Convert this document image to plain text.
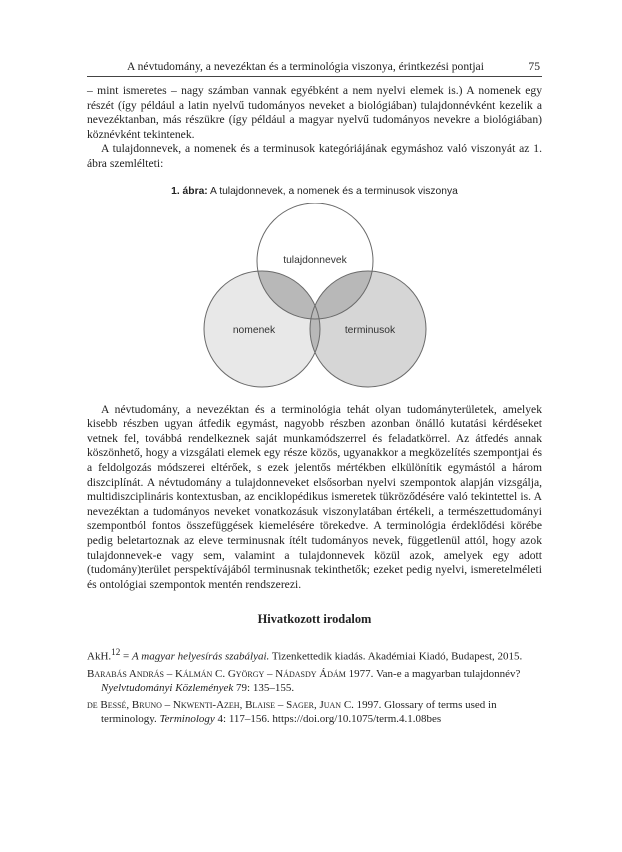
A névtudomány, a nevezéktan és a terminológia viszonya, érintkezési pontjai	75

– mint ismeretes – nagy számban vannak egyébként a nem nyelvi elemek is.) A nomenek egy részét (így például a latin nyelvű tudományos neveket a biológiában) tulajdonnévként kezelik a nevezéktanban, más részükre (így például a magyar nyelvű tudományos nevekre a biológiában) köznévként tekintenek.

A tulajdonnevek, a nomenek és a terminusok kategóriájának egymáshoz való viszonyát az 1. ábra szemlélteti:

1. ábra: A tulajdonnevek, a nomenek és a terminusok viszonya
tulajdonnevek
nomenek	terminusok

A névtudomány, a nevezéktan és a terminológia tehát olyan tudományterületek, amelyek kisebb részben ugyan átfedik egymást, nagyobb részben azonban önálló kutatási kérdéseket vetnek fel, továbbá rendelkeznek saját munkamódszerrel és feladatkörrel. Az átfedés annak köszönhető, hogy a vizsgálati elemek egy része közös, ugyanakkor a megközelítés szempontjai és a feldolgozás módszerei eltérőek, s ezek jelentős mértékben elkülönítik egymástól a három diszciplínát. A névtudomány a tulajdonneveket elsősorban nyelvi szempontok alapján vizsgálja, multidiszciplináris kontextusban, az enciklopédikus ismeretek tükröződésére való tekintettel is. A nevezéktan a tudományos neveket vonatkozásuk viszonylatában értékeli, a természettudományi szempontból fontos összefüggések kiemelésére törekedve. A terminológia érdeklődési körébe pedig beletartoznak az eleve terminusnak ítélt tudományos nevek, függetlenül attól, hogy azok tulajdonnevek-e vagy sem, valamint a tulajdonnevek közül azok, amelyek egy adott (tudomány)terület perspektívájából terminusnak tekinthetők; ezeket pedig nyelvi, ismeretelméleti és ontológiai szempontok mentén rendszerezi.

Hivatkozott irodalom

AkH.$^{12}$ = A magyar helyesírás szabályai. Tizenkettedik kiadás. Akadémiai Kiadó, Budapest, 2015.

Barabás András – Kálmán C. György – Nádasdy Ádám 1977. Van-e a magyarban tulajdonnév? Nyelvtudományi Közlemények 79: 135–155.

de Bessé, Bruno – Nkwenti-Azeh, Blaise – Sager, Juan C. 1997. Glossary of terms used in terminology. Terminology 4: 117–156. https://doi.org/10.1075/term.4.1.08bes
